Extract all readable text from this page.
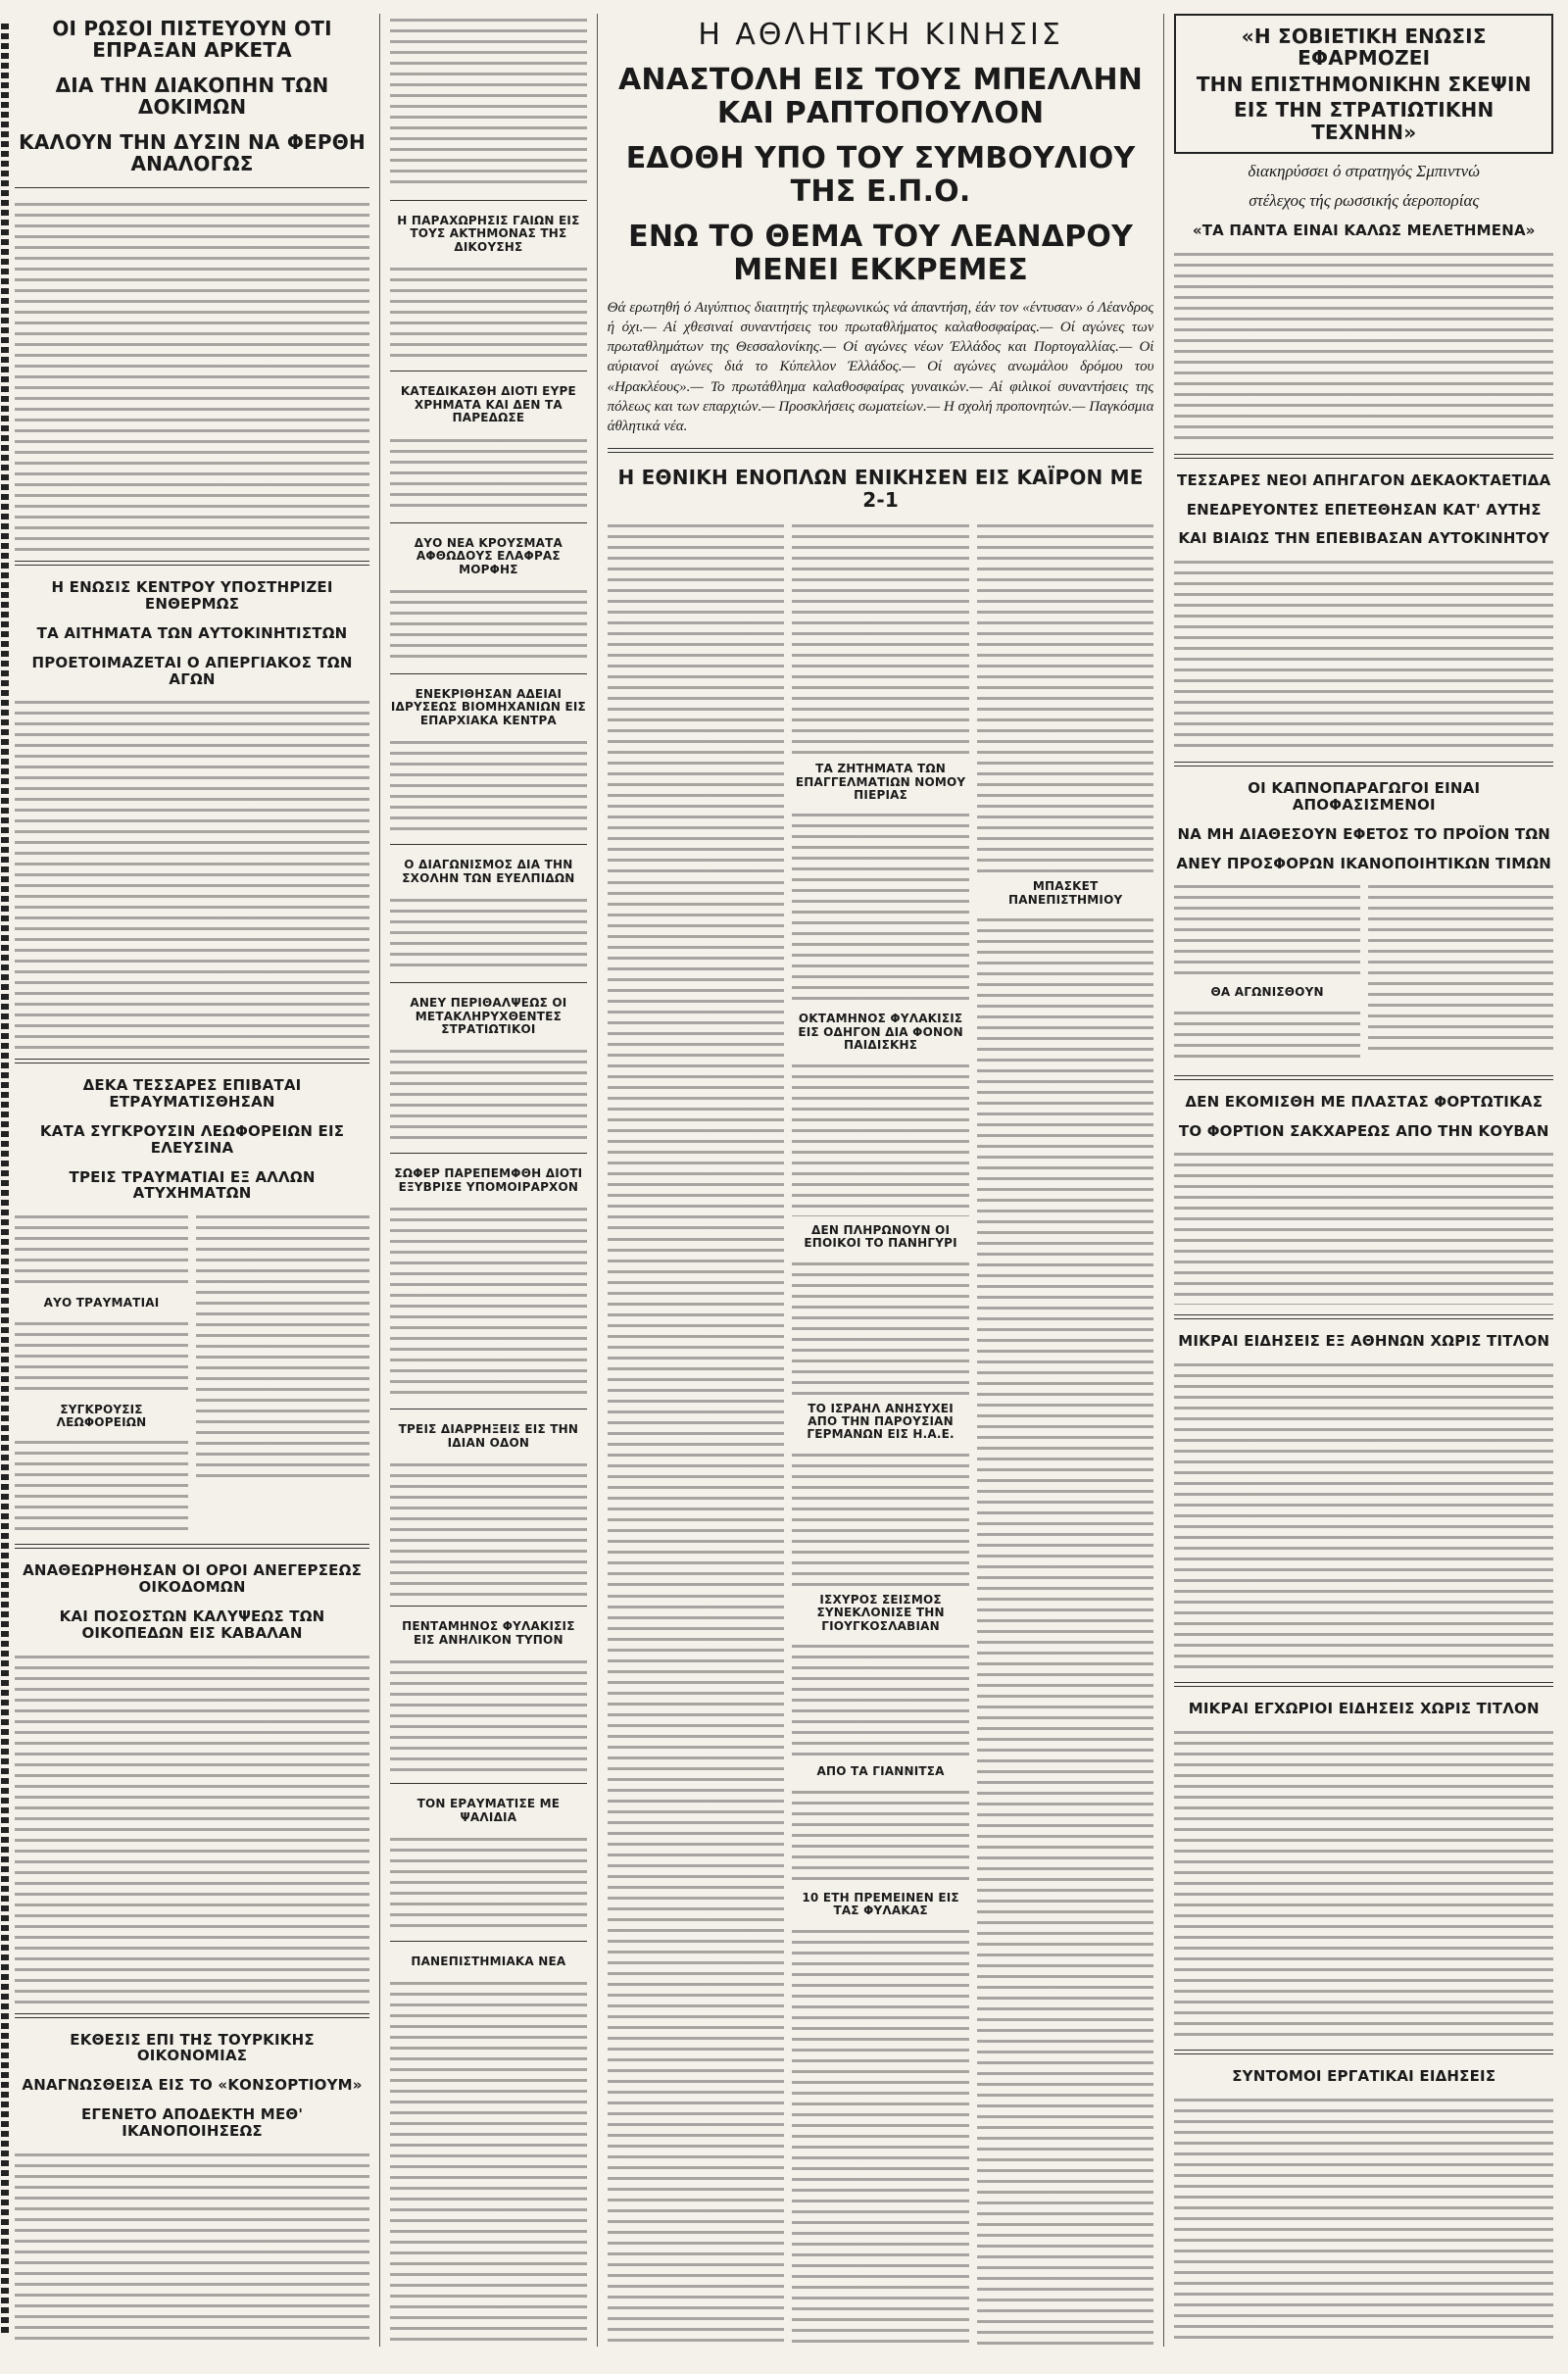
ΟΙ ΡΩΣΟΙ ΠΙΣΤΕΥΟΥΝ ΟΤΙ ΕΠΡΑΞΑΝ ΑΡΚΕΤΑ
ΔΙΑ ΤΗΝ ΔΙΑΚΟΠΗΝ ΤΩΝ ΔΟΚΙΜΩΝ
ΚΑΛΟΥΝ ΤΗΝ ΔΥΣΙΝ ΝΑ ΦΕΡΘΗ ΑΝΑΛΟΓΩΣ
Η ΕΝΩΣΙΣ ΚΕΝΤΡΟΥ ΥΠΟΣΤΗΡΙΖΕΙ ΕΝΘΕΡΜΩΣ
ΤΑ ΑΙΤΗΜΑΤΑ ΤΩΝ ΑΥΤΟΚΙΝΗΤΙΣΤΩΝ
ΠΡΟΕΤΟΙΜΑΖΕΤΑΙ Ο ΑΠΕΡΓΙΑΚΟΣ ΤΩΝ ΑΓΩΝ
ΔΕΚΑ ΤΕΣΣΑΡΕΣ ΕΠΙΒΑΤΑΙ ΕΤΡΑΥΜΑΤΙΣΘΗΣΑΝ
ΚΑΤΑ ΣΥΓΚΡΟΥΣΙΝ ΛΕΩΦΟΡΕΙΩΝ ΕΙΣ ΕΛΕΥΣΙΝΑ
ΤΡΕΙΣ ΤΡΑΥΜΑΤΙΑΙ ΕΞ ΑΛΛΩΝ ΑΤΥΧΗΜΑΤΩΝ
ΑΥΟ ΤΡΑΥΜΑΤΙΑΙ
ΣΥΓΚΡΟΥΣΙΣ ΛΕΩΦΟΡΕΙΩΝ
ΑΝΑΘΕΩΡΗΘΗΣΑΝ ΟΙ ΟΡΟΙ ΑΝΕΓΕΡΣΕΩΣ ΟΙΚΟΔΟΜΩΝ
ΚΑΙ ΠΟΣΟΣΤΩΝ ΚΑΛΥΨΕΩΣ ΤΩΝ ΟΙΚΟΠΕΔΩΝ ΕΙΣ ΚΑΒΑΛΑΝ
ΕΚΘΕΣΙΣ ΕΠΙ ΤΗΣ ΤΟΥΡΚΙΚΗΣ ΟΙΚΟΝΟΜΙΑΣ
ΑΝΑΓΝΩΣΘΕΙΣΑ ΕΙΣ ΤΟ «ΚΟΝΣΟΡΤΙΟΥΜ»
ΕΓΕΝΕΤΟ ΑΠΟΔΕΚΤΗ ΜΕΘ' ΙΚΑΝΟΠΟΙΗΣΕΩΣ
Η ΠΑΡΑΧΩΡΗΣΙΣ ΓΑΙΩΝ ΕΙΣ ΤΟΥΣ ΑΚΤΗΜΟΝΑΣ ΤΗΣ ΔΙΚΟΥΣΗΣ
ΚΑΤΕΔΙΚΑΣΘΗ ΔΙΟΤΙ ΕΥΡΕ ΧΡΗΜΑΤΑ ΚΑΙ ΔΕΝ ΤΑ ΠΑΡΕΔΩΣΕ
ΔΥΟ ΝΕΑ ΚΡΟΥΣΜΑΤΑ ΑΦΘΩΔΟΥΣ ΕΛΑΦΡΑΣ ΜΟΡΦΗΣ
ΕΝΕΚΡΙΘΗΣΑΝ ΑΔΕΙΑΙ ΙΔΡΥΣΕΩΣ ΒΙΟΜΗΧΑΝΙΩΝ ΕΙΣ ΕΠΑΡΧΙΑΚΑ ΚΕΝΤΡΑ
Ο ΔΙΑΓΩΝΙΣΜΟΣ ΔΙΑ ΤΗΝ ΣΧΟΛΗΝ ΤΩΝ ΕΥΕΛΠΙΔΩΝ
ΑΝΕΥ ΠΕΡΙΘΑΛΨΕΩΣ ΟΙ ΜΕΤΑΚΛΗΡΥΧΘΕΝΤΕΣ ΣΤΡΑΤΙΩΤΙΚΟΙ
ΣΩΦΕΡ ΠΑΡΕΠΕΜΦΘΗ ΔΙΟΤΙ ΕΞΥΒΡΙΣΕ ΥΠΟΜΟΙΡΑΡΧΟΝ
ΤΡΕΙΣ ΔΙΑΡΡΗΞΕΙΣ ΕΙΣ ΤΗΝ ΙΔΙΑΝ ΟΔΟΝ
ΠΕΝΤΑΜΗΝΟΣ ΦΥΛΑΚΙΣΙΣ ΕΙΣ ΑΝΗΛΙΚΟΝ ΤΥΠΟΝ
ΤΟΝ ΕΡΑΥΜΑΤΙΣΕ ΜΕ ΨΑΛΙΔΙΑ
ΠΑΝΕΠΙΣΤΗΜΙΑΚΑ ΝΕΑ
Η ΑΘΛΗΤΙΚΗ ΚΙΝΗΣΙΣ
ΑΝΑΣΤΟΛΗ ΕΙΣ ΤΟΥΣ ΜΠΕΛΛΗΝ ΚΑΙ ΡΑΠΤΟΠΟΥΛΟΝ
ΕΔΟΘΗ ΥΠΟ ΤΟΥ ΣΥΜΒΟΥΛΙΟΥ ΤΗΣ Ε.Π.Ο.
ΕΝΩ ΤΟ ΘΕΜΑ ΤΟΥ ΛΕΑΝΔΡΟΥ ΜΕΝΕΙ ΕΚΚΡΕΜΕΣ
Θά ερωτηθή ό Αιγύπτιος διαιτητής τηλεφωνικώς νά άπαντήση, έάν τον «έντυσαν» ό Λέανδρος ή όχι.— Αί χθεσιναί συναντήσεις του πρωταθλήματος καλαθοσφαίρας.— Οί αγώνες των πρωταθλημάτων της Θεσσαλονίκης.— Οί αγώνες νέων Έλλάδος και Πορτογαλλίας.— Οί αύριανοί αγώνες διά το Κύπελλον Έλλάδος.— Οί αγώνες ανωμάλου δρόμου του «Ηρακλέους».— Το πρωτάθλημα καλαθοσφαίρας γυναικών.— Αί φιλικοί συναντήσεις της πόλεως και των επαρχιών.— Προσκλήσεις σωματείων.— Η σχολή προπονητών.— Παγκόσμια άθλητικά νέα.
Η ΕΘΝΙΚΗ ΕΝΟΠΛΩΝ ΕΝΙΚΗΣΕΝ ΕΙΣ ΚΑΪΡΟΝ ΜΕ 2-1
ΤΑ ΖΗΤΗΜΑΤΑ ΤΩΝ ΕΠΑΓΓΕΛΜΑΤΙΩΝ ΝΟΜΟΥ ΠΙΕΡΙΑΣ
ΟΚΤΑΜΗΝΟΣ ΦΥΛΑΚΙΣΙΣ ΕΙΣ ΟΔΗΓΟΝ ΔΙΑ ΦΟΝΟΝ ΠΑΙΔΙΣΚΗΣ
ΔΕΝ ΠΛΗΡΩΝΟΥΝ ΟΙ ΕΠΟΙΚΟΙ ΤΟ ΠΑΝΗΓΥΡΙ
ΤΟ ΙΣΡΑΗΛ ΑΝΗΣΥΧΕΙ ΑΠΟ ΤΗΝ ΠΑΡΟΥΣΙΑΝ ΓΕΡΜΑΝΩΝ ΕΙΣ Η.Α.Ε.
ΙΣΧΥΡΟΣ ΣΕΙΣΜΟΣ ΣΥΝΕΚΛΟΝΙΣΕ ΤΗΝ ΓΙΟΥΓΚΟΣΛΑΒΙΑΝ
ΑΠΟ ΤΑ ΓΙΑΝΝΙΤΣΑ
10 ΕΤΗ ΠΡΕΜΕΙΝΕΝ ΕΙΣ ΤΑΣ ΦΥΛΑΚΑΣ
ΜΠΑΣΚΕΤ ΠΑΝΕΠΙΣΤΗΜΙΟΥ
«Η ΣΟΒΙΕΤΙΚΗ ΕΝΩΣΙΣ ΕΦΑΡΜΟΖΕΙ
ΤΗΝ ΕΠΙΣΤΗΜΟΝΙΚΗΝ ΣΚΕΨΙΝ
ΕΙΣ ΤΗΝ ΣΤΡΑΤΙΩΤΙΚΗΝ ΤΕΧΝΗΝ»
διακηρύσσει ό στρατηγός Σμπιντνώ
στέλεχος τής ρωσσικής άεροπορίας
«ΤΑ ΠΑΝΤΑ ΕΙΝΑΙ ΚΑΛΩΣ ΜΕΛΕΤΗΜΕΝΑ»
ΤΕΣΣΑΡΕΣ ΝΕΟΙ ΑΠΗΓΑΓΟΝ ΔΕΚΑΟΚΤΑΕΤΙΔΑ
ΕΝΕΔΡΕΥΟΝΤΕΣ ΕΠΕΤΕΘΗΣΑΝ ΚΑΤ' ΑΥΤΗΣ
ΚΑΙ ΒΙΑΙΩΣ ΤΗΝ ΕΠΕΒΙΒΑΣΑΝ ΑΥΤΟΚΙΝΗΤΟΥ
ΟΙ ΚΑΠΝΟΠΑΡΑΓΩΓΟΙ ΕΙΝΑΙ ΑΠΟΦΑΣΙΣΜΕΝΟΙ
ΝΑ ΜΗ ΔΙΑΘΕΣΟΥΝ ΕΦΕΤΟΣ ΤΟ ΠΡΟΪΟΝ ΤΩΝ
ΑΝΕΥ ΠΡΟΣΦΟΡΩΝ ΙΚΑΝΟΠΟΙΗΤΙΚΩΝ ΤΙΜΩΝ
ΘΑ ΑΓΩΝΙΣΘΟΥΝ
ΔΕΝ ΕΚΟΜΙΣΘΗ ΜΕ ΠΛΑΣΤΑΣ ΦΟΡΤΩΤΙΚΑΣ
ΤΟ ΦΟΡΤΙΟΝ ΣΑΚΧΑΡΕΩΣ ΑΠΟ ΤΗΝ ΚΟΥΒΑΝ
ΜΙΚΡΑΙ ΕΙΔΗΣΕΙΣ ΕΞ ΑΘΗΝΩΝ ΧΩΡΙΣ ΤΙΤΛΟΝ
ΜΙΚΡΑΙ ΕΓΧΩΡΙΟΙ ΕΙΔΗΣΕΙΣ ΧΩΡΙΣ ΤΙΤΛΟΝ
ΣΥΝΤΟΜΟΙ ΕΡΓΑΤΙΚΑΙ ΕΙΔΗΣΕΙΣ
